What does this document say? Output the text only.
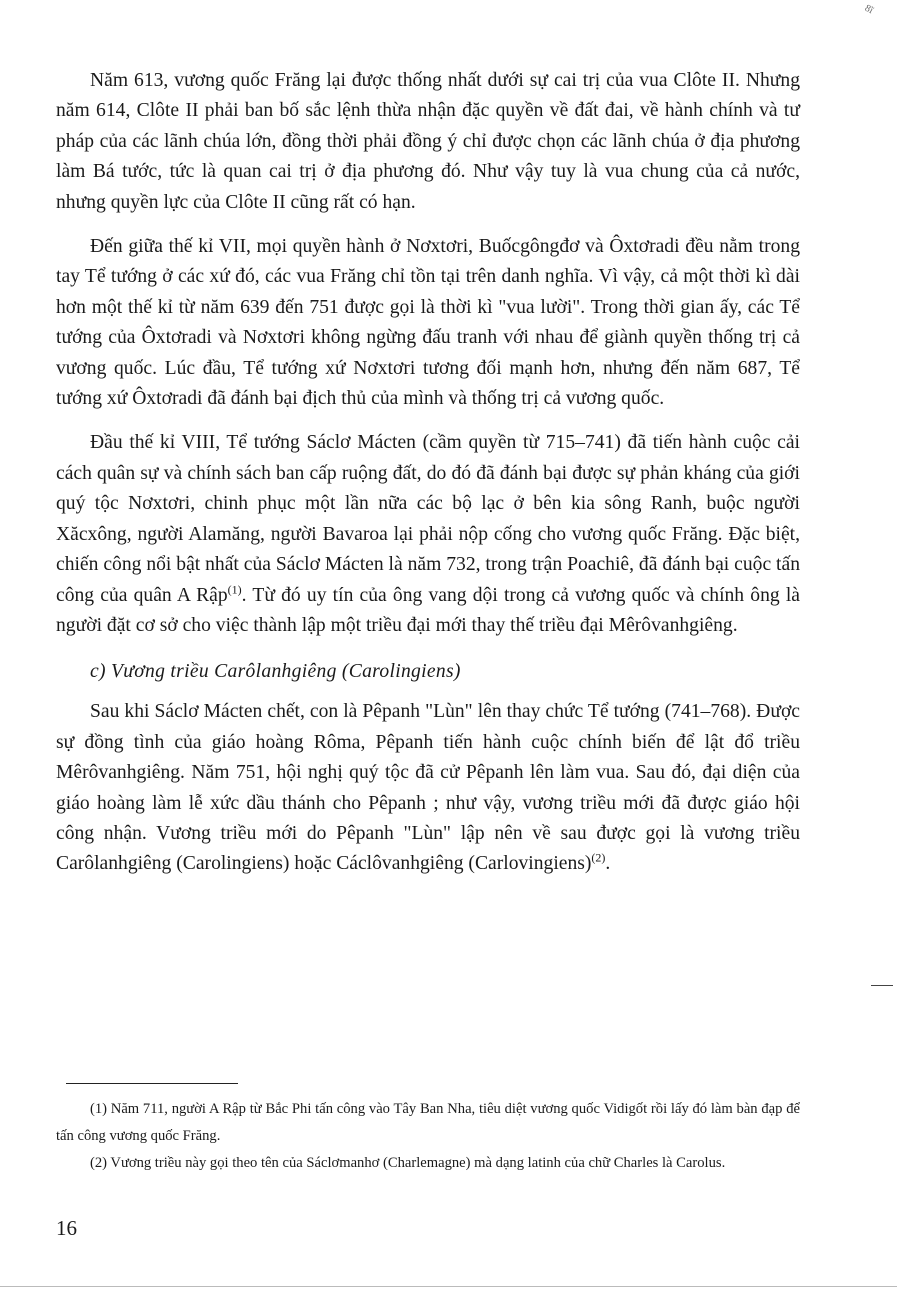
8ĩ

Năm 613, vương quốc Frăng lại được thống nhất dưới sự cai trị của vua Clôte II. Nhưng năm 614, Clôte II phải ban bố sắc lệnh thừa nhận đặc quyền về đất đai, về hành chính và tư pháp của các lãnh chúa lớn, đồng thời phải đồng ý chỉ được chọn các lãnh chúa ở địa phương làm Bá tước, tức là quan cai trị ở địa phương đó. Như vậy tuy là vua chung của cả nước, nhưng quyền lực của Clôte II cũng rất có hạn.

Đến giữa thế kỉ VII, mọi quyền hành ở Nơxtơri, Buốcgôngđơ và Ôxtơradi đều nằm trong tay Tể tướng ở các xứ đó, các vua Frăng chỉ tồn tại trên danh nghĩa. Vì vậy, cả một thời kì dài hơn một thế kỉ từ năm 639 đến 751 được gọi là thời kì "vua lười". Trong thời gian ấy, các Tể tướng của Ôxtơradi và Nơxtơri không ngừng đấu tranh với nhau để giành quyền thống trị cả vương quốc. Lúc đầu, Tể tướng xứ Nơxtơri tương đối mạnh hơn, nhưng đến năm 687, Tể tướng xứ Ôxtơradi đã đánh bại địch thủ của mình và thống trị cả vương quốc.

Đầu thế kỉ VIII, Tể tướng Sáclơ Mácten (cầm quyền từ 715–741) đã tiến hành cuộc cải cách quân sự và chính sách ban cấp ruộng đất, do đó đã đánh bại được sự phản kháng của giới quý tộc Nơxtơri, chinh phục một lần nữa các bộ lạc ở bên kia sông Ranh, buộc người Xăcxông, người Alamăng, người Bavaroa lại phải nộp cống cho vương quốc Frăng. Đặc biệt, chiến công nổi bật nhất của Sáclơ Mácten là năm 732, trong trận Poachiê, đã đánh bại cuộc tấn công của quân A Rập$^{(1)}$. Từ đó uy tín của ông vang dội trong cả vương quốc và chính ông là người đặt cơ sở cho việc thành lập một triều đại mới thay thế triều đại Mêrôvanhgiêng.

c) Vương triều Carôlanhgiêng (Carolingiens)

Sau khi Sáclơ Mácten chết, con là Pêpanh "Lùn" lên thay chức Tể tướng (741–768). Được sự đồng tình của giáo hoàng Rôma, Pêpanh tiến hành cuộc chính biến để lật đổ triều Mêrôvanhgiêng. Năm 751, hội nghị quý tộc đã cử Pêpanh lên làm vua. Sau đó, đại diện của giáo hoàng làm lễ xức dầu thánh cho Pêpanh ; như vậy, vương triều mới đã được giáo hội công nhận. Vương triều mới do Pêpanh "Lùn" lập nên về sau được gọi là vương triều Carôlanhgiêng (Carolingiens) hoặc Cáclôvanhgiêng (Carlovingiens)$^{(2)}$.

(1) Năm 711, người A Rập từ Bắc Phi tấn công vào Tây Ban Nha, tiêu diệt vương quốc Vidigốt rồi lấy đó làm bàn đạp để tấn công vương quốc Frăng.

(2) Vương triều này gọi theo tên của Sáclơmanhơ (Charlemagne) mà dạng latinh của chữ Charles là Carolus.

16
